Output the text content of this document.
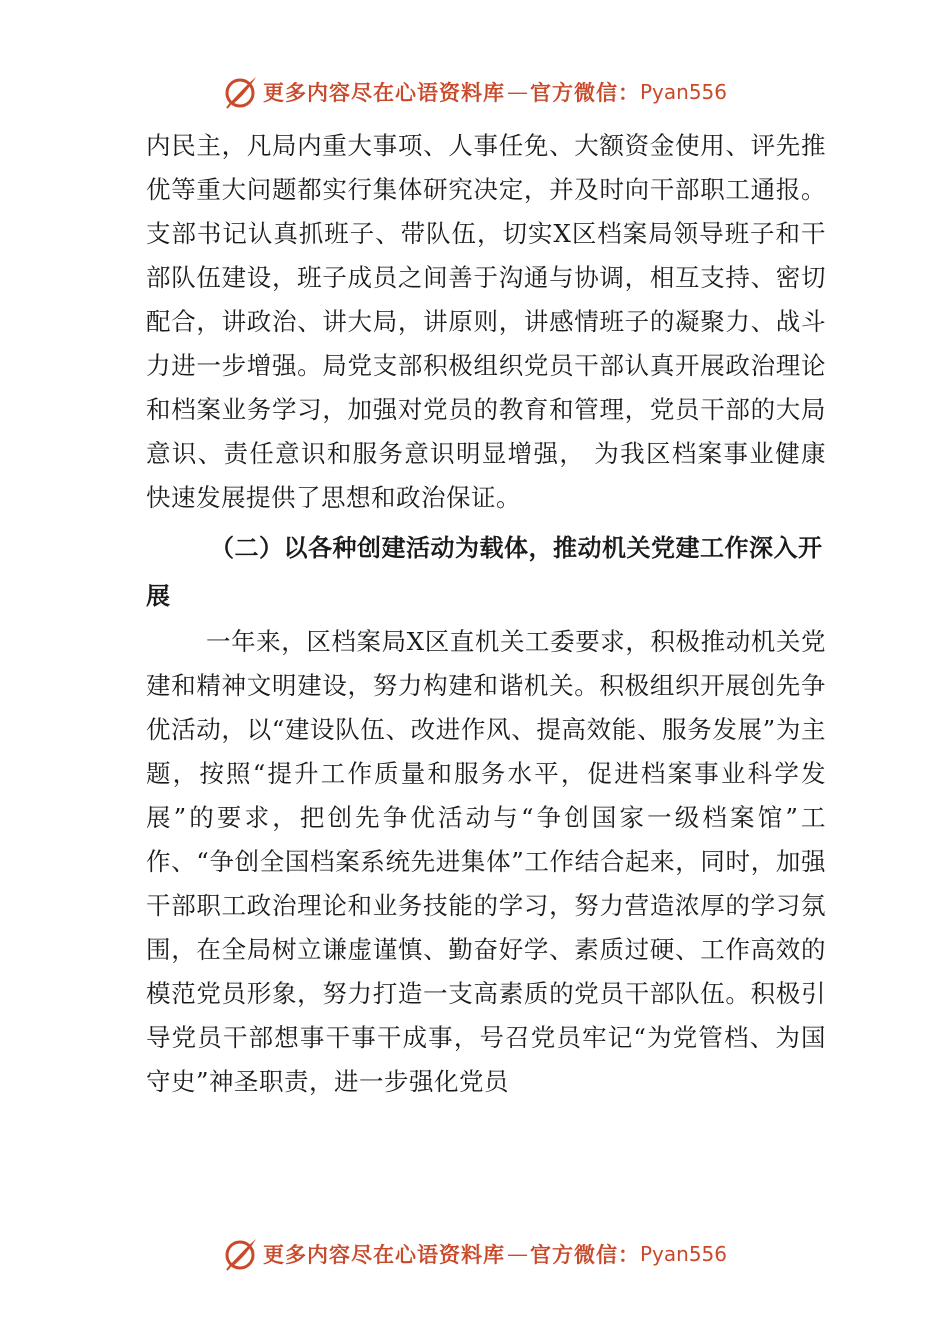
更多内容尽在心语资料库 — 官方微信： Pyan556

内民主，凡局内重大事项、人事任免、大额资金使用、评先推优等重大问题都实行集体研究决定，并及时向干部职工通报。支部书记认真抓班子、带队伍，切实X区档案局领导班子和干部队伍建设，班子成员之间善于沟通与协调，相互支持、密切配合，讲政治、讲大局，讲原则，讲感情班子的凝聚力、战斗力进一步增强。局党支部积极组织党员干部认真开展政治理论和档案业务学习，加强对党员的教育和管理，党员干部的大局意识、责任意识和服务意识明显增强， 为我区档案事业健康快速发展提供了思想和政治保证。

（二）以各种创建活动为载体，推动机关党建工作深入开展

一年来，区档案局X区直机关工委要求，积极推动机关党建和精神文明建设，努力构建和谐机关。积极组织开展创先争优活动，以“建设队伍、改进作风、提高效能、服务发展”为主题，按照“提升工作质量和服务水平，促进档案事业科学发展”的要求，把创先争优活动与“争创国家一级档案馆”工作、“争创全国档案系统先进集体”工作结合起来，同时，加强干部职工政治理论和业务技能的学习，努力营造浓厚的学习氛围，在全局树立谦虚谨慎、勤奋好学、素质过硬、工作高效的模范党员形象，努力打造一支高素质的党员干部队伍。积极引导党员干部想事干事干成事，号召党员牢记“为党管档、为国守史”神圣职责，进一步强化党员

更多内容尽在心语资料库 — 官方微信： Pyan556
